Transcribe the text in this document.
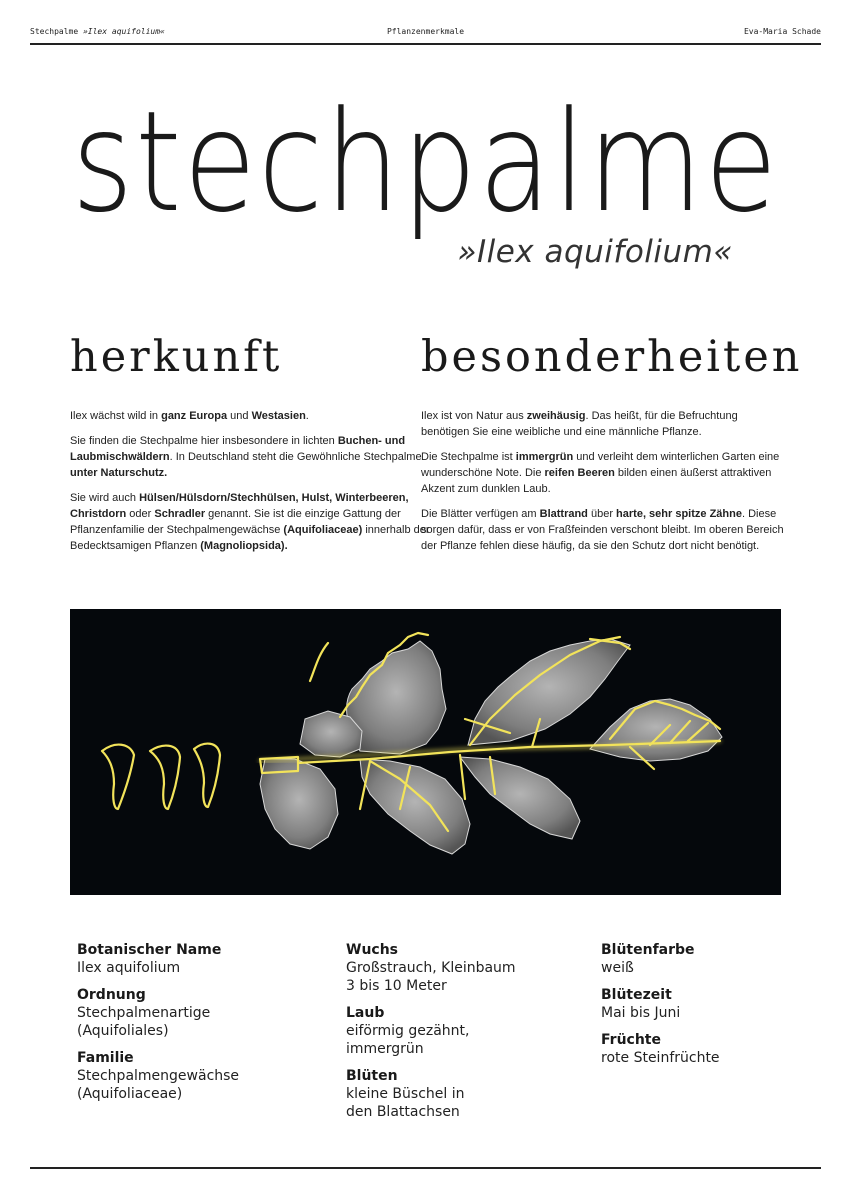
Stechpalme »Ilex aquifolium«	Pflanzenmerkmale	Eva-Maria Schade
stechpalme
»Ilex aquifolium«
herkunft

Ilex wächst wild in ganz Europa und Westasien.

Sie finden die Stechpalme hier insbesondere in lichten Buchen- und Laubmischwäldern. In Deutschland steht die Gewöhnliche Stechpalme unter Naturschutz.

Sie wird auch Hülsen/Hülsdorn/Stechhülsen, Hulst, Winterbeeren, Christdorn oder Schradler genannt. Sie ist die einzige Gattung der Pflanzenfamilie der Stechpalmengewächse (Aquifoliaceae) innerhalb der Bedecktsamigen Pflanzen (Magnoliopsida).

besonderheiten

Ilex ist von Natur aus zweihäusig. Das heißt, für die Befruchtung benötigen Sie eine weibliche und eine männliche Pflanze.

Die Stechpalme ist immergrün und verleiht dem winterlichen Garten eine wunderschöne Note. Die reifen Beeren bilden einen äußerst attraktiven Akzent zum dunklen Laub.

Die Blätter verfügen am Blattrand über harte, sehr spitze Zähne. Diese sorgen dafür, dass er von Fraßfeinden verschont bleibt. Im oberen Bereich der Pflanze fehlen diese häufig, da sie den Schutz dort nicht benötigt.

Botanischer Name
Ilex aquifolium
Ordnung
Stechpalmenartige
(Aquifoliales)
Familie
Stechpalmengewächse
(Aquifoliaceae)
Wuchs
Großstrauch, Kleinbaum
3 bis 10 Meter
Laub
eiförmig gezähnt,
immergrün
Blüten
kleine Büschel in
den Blattachsen
Blütenfarbe
weiß
Blütezeit
Mai bis Juni
Früchte
rote Steinfrüchte
